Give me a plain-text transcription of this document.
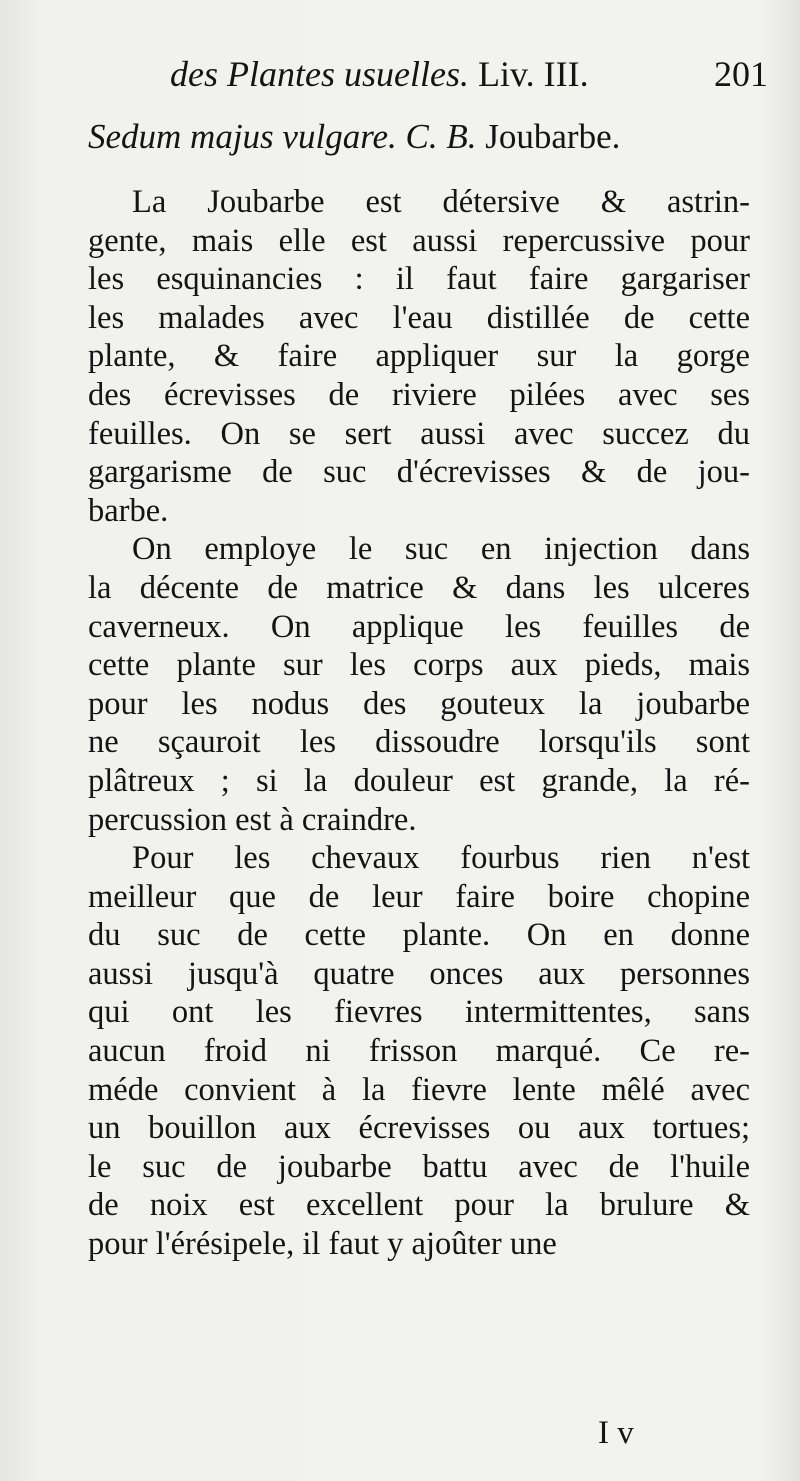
des Plantes usuelles. Liv. III.	201
Sedum majus vulgare. C. B. Joubarbe.
La Joubarbe est détersive & astrin-
gente, mais elle est aussi repercussive pour
les esquinancies : il faut faire gargariser
les malades avec l'eau distillée de cette
plante, & faire appliquer sur la gorge
des écrevisses de riviere pilées avec ses
feuilles. On se sert aussi avec succez du
gargarisme de suc d'écrevisses & de jou-
barbe.
On employe le suc en injection dans
la décente de matrice & dans les ulceres
caverneux. On applique les feuilles de
cette plante sur les corps aux pieds, mais
pour les nodus des gouteux la joubarbe
ne sçauroit les dissoudre lorsqu'ils sont
plâtreux ; si la douleur est grande, la ré-
percussion est à craindre.
Pour les chevaux fourbus rien n'est
meilleur que de leur faire boire chopine
du suc de cette plante. On en donne
aussi jusqu'à quatre onces aux personnes
qui ont les fievres intermittentes, sans
aucun froid ni frisson marqué. Ce re-
méde convient à la fievre lente mêlé avec
un bouillon aux écrevisses ou aux tortues;
le suc de joubarbe battu avec de l'huile
de noix est excellent pour la brulure &
pour l'érésipele, il faut y ajoûter une
I v
